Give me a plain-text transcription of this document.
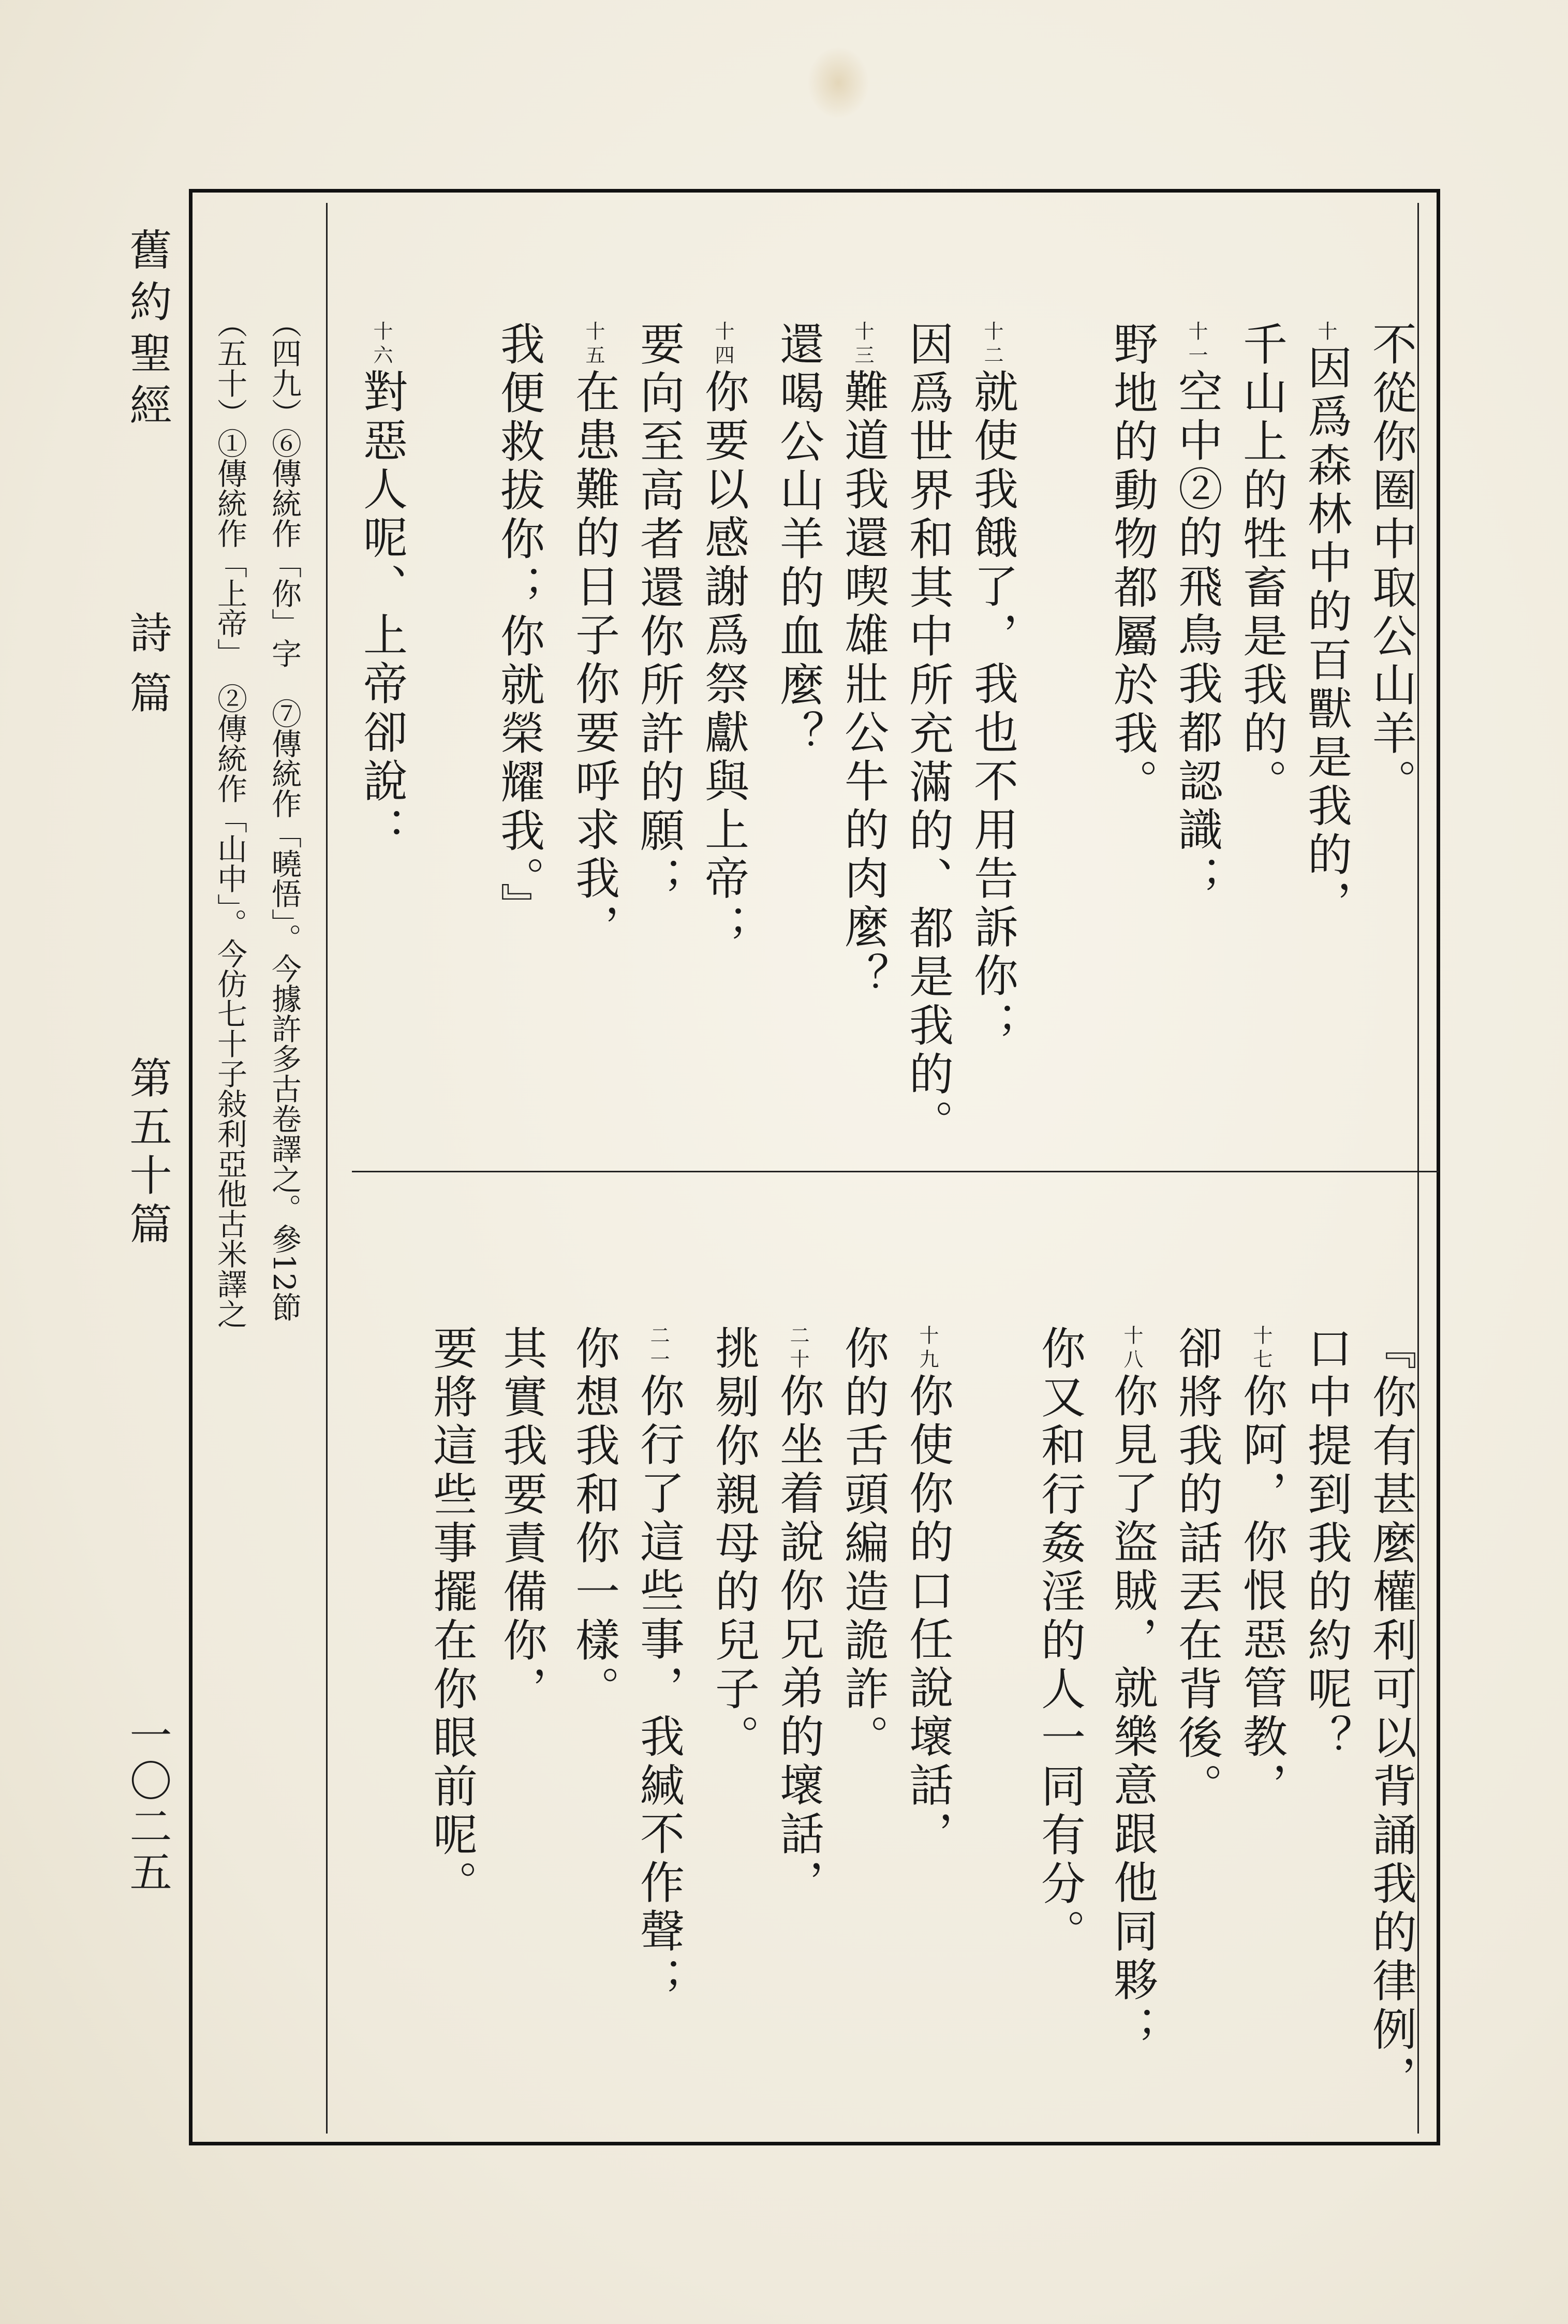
舊約聖經
詩篇
第五十篇
一〇二五
（四九）⑥傳統作「你」字　⑦傳統作「曉悟」。今據許多古卷譯之。參12節
（五十）①傳統作「上帝」　②傳統作「山中」。今仿七十子敍利亞他古米譯之	不從你圈中取公山羊。
十因爲森林中的百獸是我的，
千山上的牲畜是我的。
十一空中②的飛鳥我都認識；
野地的動物都屬於我。
十二就使我餓了，我也不用告訴你；
因爲世界和其中所充滿的、都是我的。
十三難道我還喫雄壯公牛的肉麼？
還喝公山羊的血麼？
十四你要以感謝爲祭獻與上帝；
要向至高者還你所許的願；
十五在患難的日子你要呼求我，
我便救拔你；你就榮耀我。』
十六對惡人呢、上帝卻說：
『你有甚麼權利可以背誦我的律例，
口中提到我的約呢？
十七你阿，你恨惡管教，
卻將我的話丟在背後。
十八你見了盜賊，就樂意跟他同夥；
你又和行姦淫的人一同有分。
十九你使你的口任說壞話，
你的舌頭編造詭詐。
二十你坐着說你兄弟的壞話，
挑剔你親母的兒子。
二一你行了這些事，我緘不作聲；
你想我和你一樣。
其實我要責備你，
要將這些事擺在你眼前呢。
